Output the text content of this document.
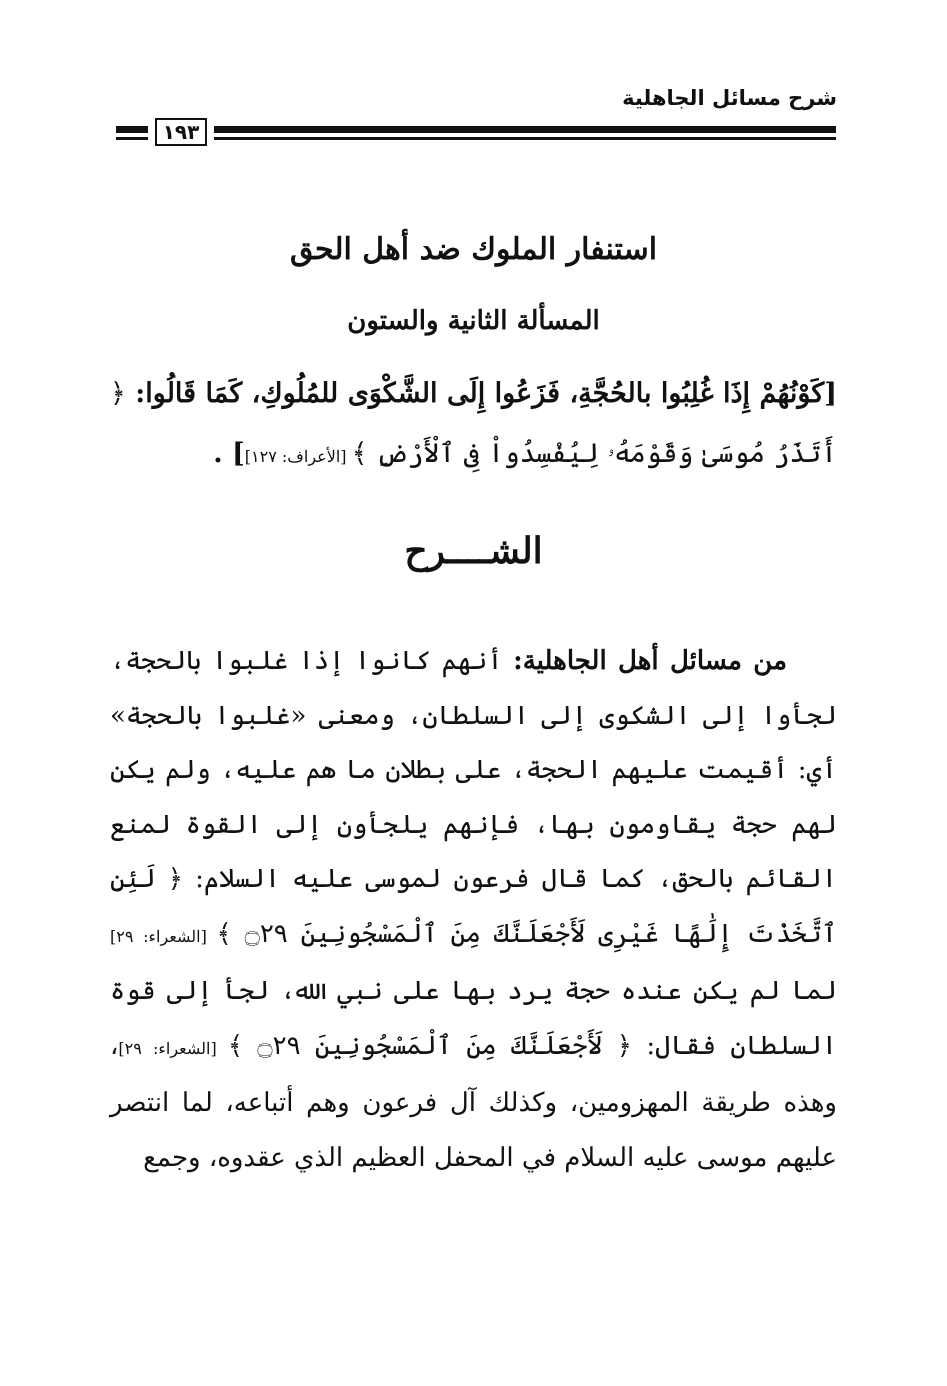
شرح مسائل الجاهلية
١٩٣
استنفار الملوك ضد أهل الحق
المسألة الثانية والستون
[كَوْنُهُمْ إِذَا غُلِبُوا بالحُجَّةِ، فَزَعُوا إِلَى الشَّكْوَى للمُلُوكِ، كَمَا قَالُوا: ﴿ أَتَذَرُ مُوسَىٰ وَقَوْمَهُۥ لِيُفْسِدُواْ فِى ٱلْأَرْضِ ﴾ [الأعراف: ١٢٧]] .
الشــــرح
من مسائل أهل الجاهلية: أنهم كانوا إذا غلبوا بالحجة، لجأوا إلى الشكوى إلى السلطان، ومعنى «غلبوا بالحجة» أي: أقيمت عليهم الحجة، على بطلان ما هم عليه، ولم يكن لهم حجة يقاومون بها، فإنهم يلجأون إلى القوة لمنع القائم بالحق، كما قال فرعون لموسى عليه السلام: ﴿ لَئِنِ ٱتَّخَذْتَ إِلَٰهًا غَيْرِى لَأَجْعَلَنَّكَ مِنَ ٱلْمَسْجُونِينَ ۝٢٩ ﴾ [الشعراء: ٢٩] لما لم يكن عنده حجة يرد بها على نبي الله، لجأ إلى قوة السلطان فقال: ﴿ لَأَجْعَلَنَّكَ مِنَ ٱلْمَسْجُونِينَ ۝٢٩ ﴾ [الشعراء: ٢٩]، وهذه طريقة المهزومين، وكذلك آل فرعون وهم أتباعه، لما انتصر عليهم موسى عليه السلام في المحفل العظيم الذي عقدوه، وجمع
